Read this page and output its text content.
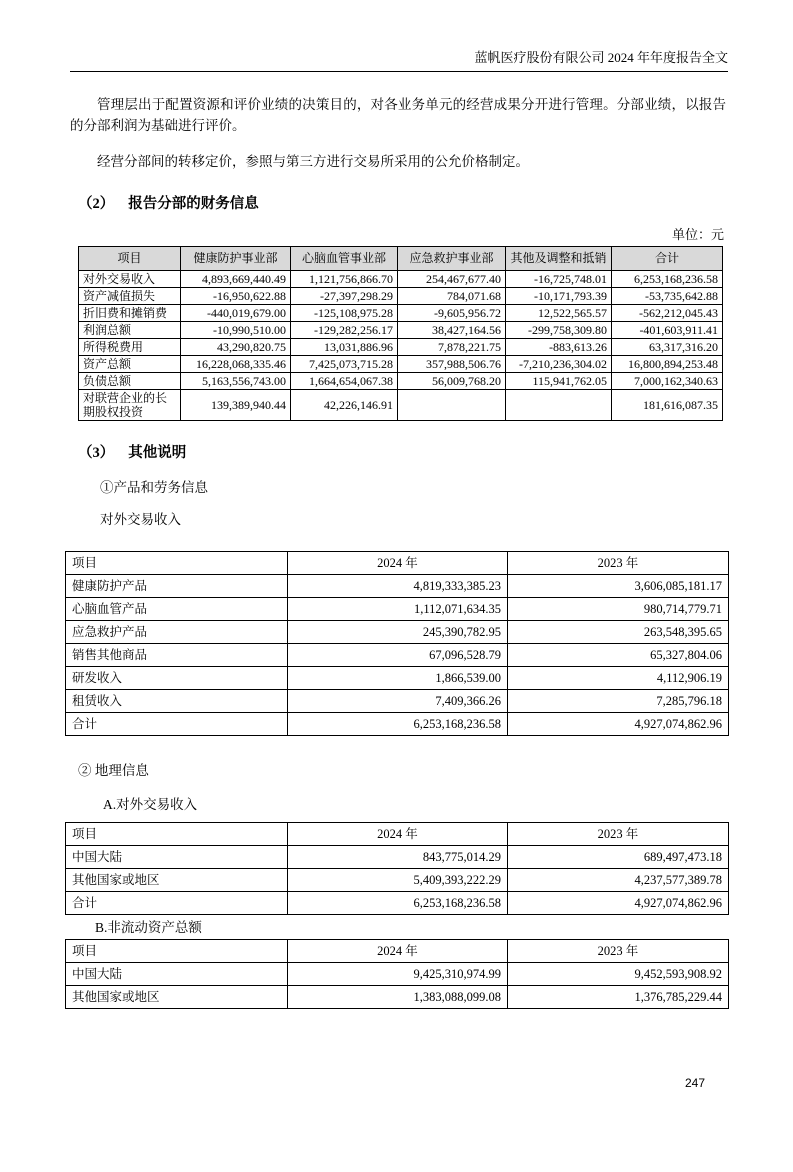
蓝帆医疗股份有限公司 2024 年年度报告全文

管理层出于配置资源和评价业绩的决策目的，对各业务单元的经营成果分开进行管理。分部业绩，以报告的分部利润为基础进行评价。

经营分部间的转移定价，参照与第三方进行交易所采用的公允价格制定。

（2） 报告分部的财务信息
单位：元
项目	健康防护事业部	心脑血管事业部	应急救护事业部	其他及调整和抵销	合计
对外交易收入	4,893,669,440.49	1,121,756,866.70	254,467,677.40	-16,725,748.01	6,253,168,236.58
资产减值损失	-16,950,622.88	-27,397,298.29	784,071.68	-10,171,793.39	-53,735,642.88
折旧费和摊销费	-440,019,679.00	-125,108,975.28	-9,605,956.72	12,522,565.57	-562,212,045.43
利润总额	-10,990,510.00	-129,282,256.17	38,427,164.56	-299,758,309.80	-401,603,911.41
所得税费用	43,290,820.75	13,031,886.96	7,878,221.75	-883,613.26	63,317,316.20
资产总额	16,228,068,335.46	7,425,073,715.28	357,988,506.76	-7,210,236,304.02	16,800,894,253.48
负债总额	5,163,556,743.00	1,664,654,067.38	56,009,768.20	115,941,762.05	7,000,162,340.63
对联营企业的长期股权投资	139,389,940.44	42,226,146.91			181,616,087.35
（3） 其他说明
①产品和劳务信息
对外交易收入
项目	2024 年	2023 年
健康防护产品	4,819,333,385.23	3,606,085,181.17
心脑血管产品	1,112,071,634.35	980,714,779.71
应急救护产品	245,390,782.95	263,548,395.65
销售其他商品	67,096,528.79	65,327,804.06
研发收入	1,866,539.00	4,112,906.19
租赁收入	7,409,366.26	7,285,796.18
合计	6,253,168,236.58	4,927,074,862.96
② 地理信息
A.对外交易收入
项目	2024 年	2023 年
中国大陆	843,775,014.29	689,497,473.18
其他国家或地区	5,409,393,222.29	4,237,577,389.78
合计	6,253,168,236.58	4,927,074,862.96
B.非流动资产总额
项目	2024 年	2023 年
中国大陆	9,425,310,974.99	9,452,593,908.92
其他国家或地区	1,383,088,099.08	1,376,785,229.44
247
